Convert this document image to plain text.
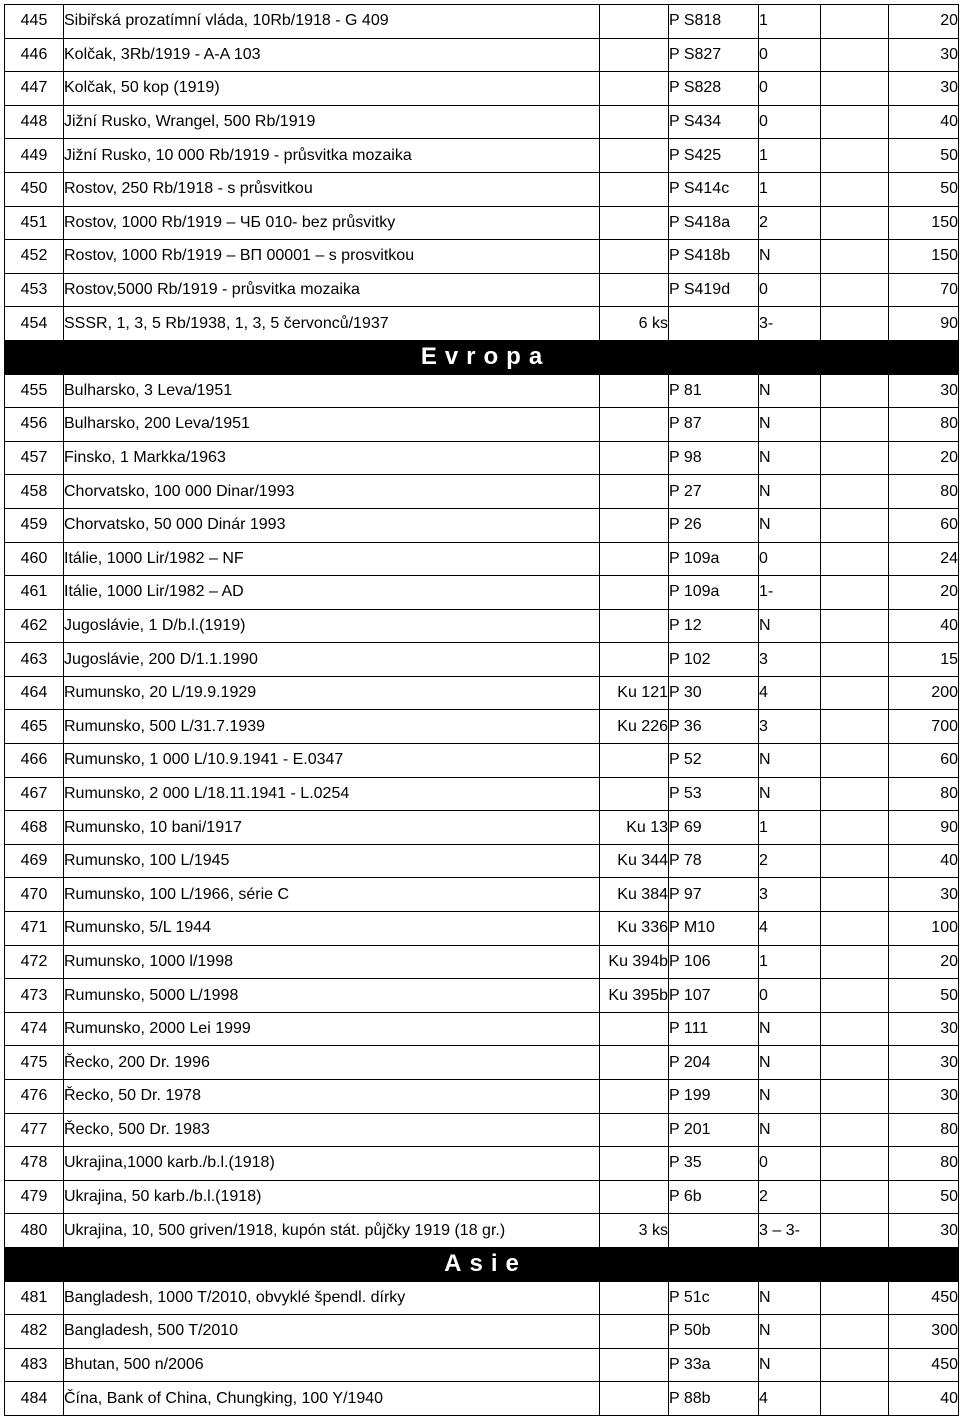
445	Sibiřská prozatímní vláda, 10Rb/1918 - G 409		P S818	1		20
446	Kolčak, 3Rb/1919 - A-A 103		P S827	0		30
447	Kolčak, 50 kop (1919)		P S828	0		30
448	Jižní Rusko, Wrangel, 500 Rb/1919		P S434	0		40
449	Jižní Rusko, 10 000 Rb/1919 - průsvitka mozaika		P S425	1		50
450	Rostov, 250 Rb/1918 - s průsvitkou		P S414c	1		50
451	Rostov, 1000 Rb/1919 – ЧБ 010- bez průsvitky		P S418a	2		150
452	Rostov, 1000 Rb/1919 – ВП 00001 – s prosvitkou		P S418b	N		150
453	Rostov,5000 Rb/1919 - průsvitka mozaika		P S419d	0		70
454	SSSR, 1, 3, 5 Rb/1938, 1, 3, 5 červonců/1937	6 ks		3-		90
Evropa						
455	Bulharsko, 3 Leva/1951		P 81	N		30
456	Bulharsko, 200 Leva/1951		P 87	N		80
457	Finsko, 1 Markka/1963		P 98	N		20
458	Chorvatsko, 100 000 Dinar/1993		P 27	N		80
459	Chorvatsko, 50 000 Dinár 1993		P 26	N		60
460	Itálie, 1000 Lir/1982 – NF		P 109a	0		24
461	Itálie, 1000 Lir/1982 – AD		P 109a	1-		20
462	Jugoslávie, 1 D/b.l.(1919)		P 12	N		40
463	Jugoslávie, 200 D/1.1.1990		P 102	3		15
464	Rumunsko, 20 L/19.9.1929	Ku 121	P 30	4		200
465	Rumunsko, 500 L/31.7.1939	Ku 226	P 36	3		700
466	Rumunsko, 1 000 L/10.9.1941 - E.0347		P 52	N		60
467	Rumunsko, 2 000 L/18.11.1941 - L.0254		P 53	N		80
468	Rumunsko, 10 bani/1917	Ku 13	P 69	1		90
469	Rumunsko, 100 L/1945	Ku 344	P 78	2		40
470	Rumunsko, 100 L/1966, série C	Ku 384	P 97	3		30
471	Rumunsko, 5/L 1944	Ku 336	P M10	4		100
472	Rumunsko, 1000 l/1998	Ku 394b	P 106	1		20
473	Rumunsko, 5000 L/1998	Ku 395b	P 107	0		50
474	Rumunsko, 2000 Lei 1999		P 111	N		30
475	Řecko, 200 Dr. 1996		P 204	N		30
476	Řecko, 50 Dr. 1978		P 199	N		30
477	Řecko, 500 Dr. 1983		P 201	N		80
478	Ukrajina,1000 karb./b.l.(1918)		P 35	0		80
479	Ukrajina, 50 karb./b.l.(1918)		P 6b	2		50
480	Ukrajina, 10, 500 griven/1918, kupón stát. půjčky 1919 (18 gr.)	3 ks		3 – 3-		30
Asie						
481	Bangladesh, 1000 T/2010, obvyklé špendl. dírky		P 51c	N		450
482	Bangladesh, 500 T/2010		P 50b	N		300
483	Bhutan, 500 n/2006		P 33a	N		450
484	Čína, Bank of China, Chungking, 100 Y/1940		P 88b	4		40
